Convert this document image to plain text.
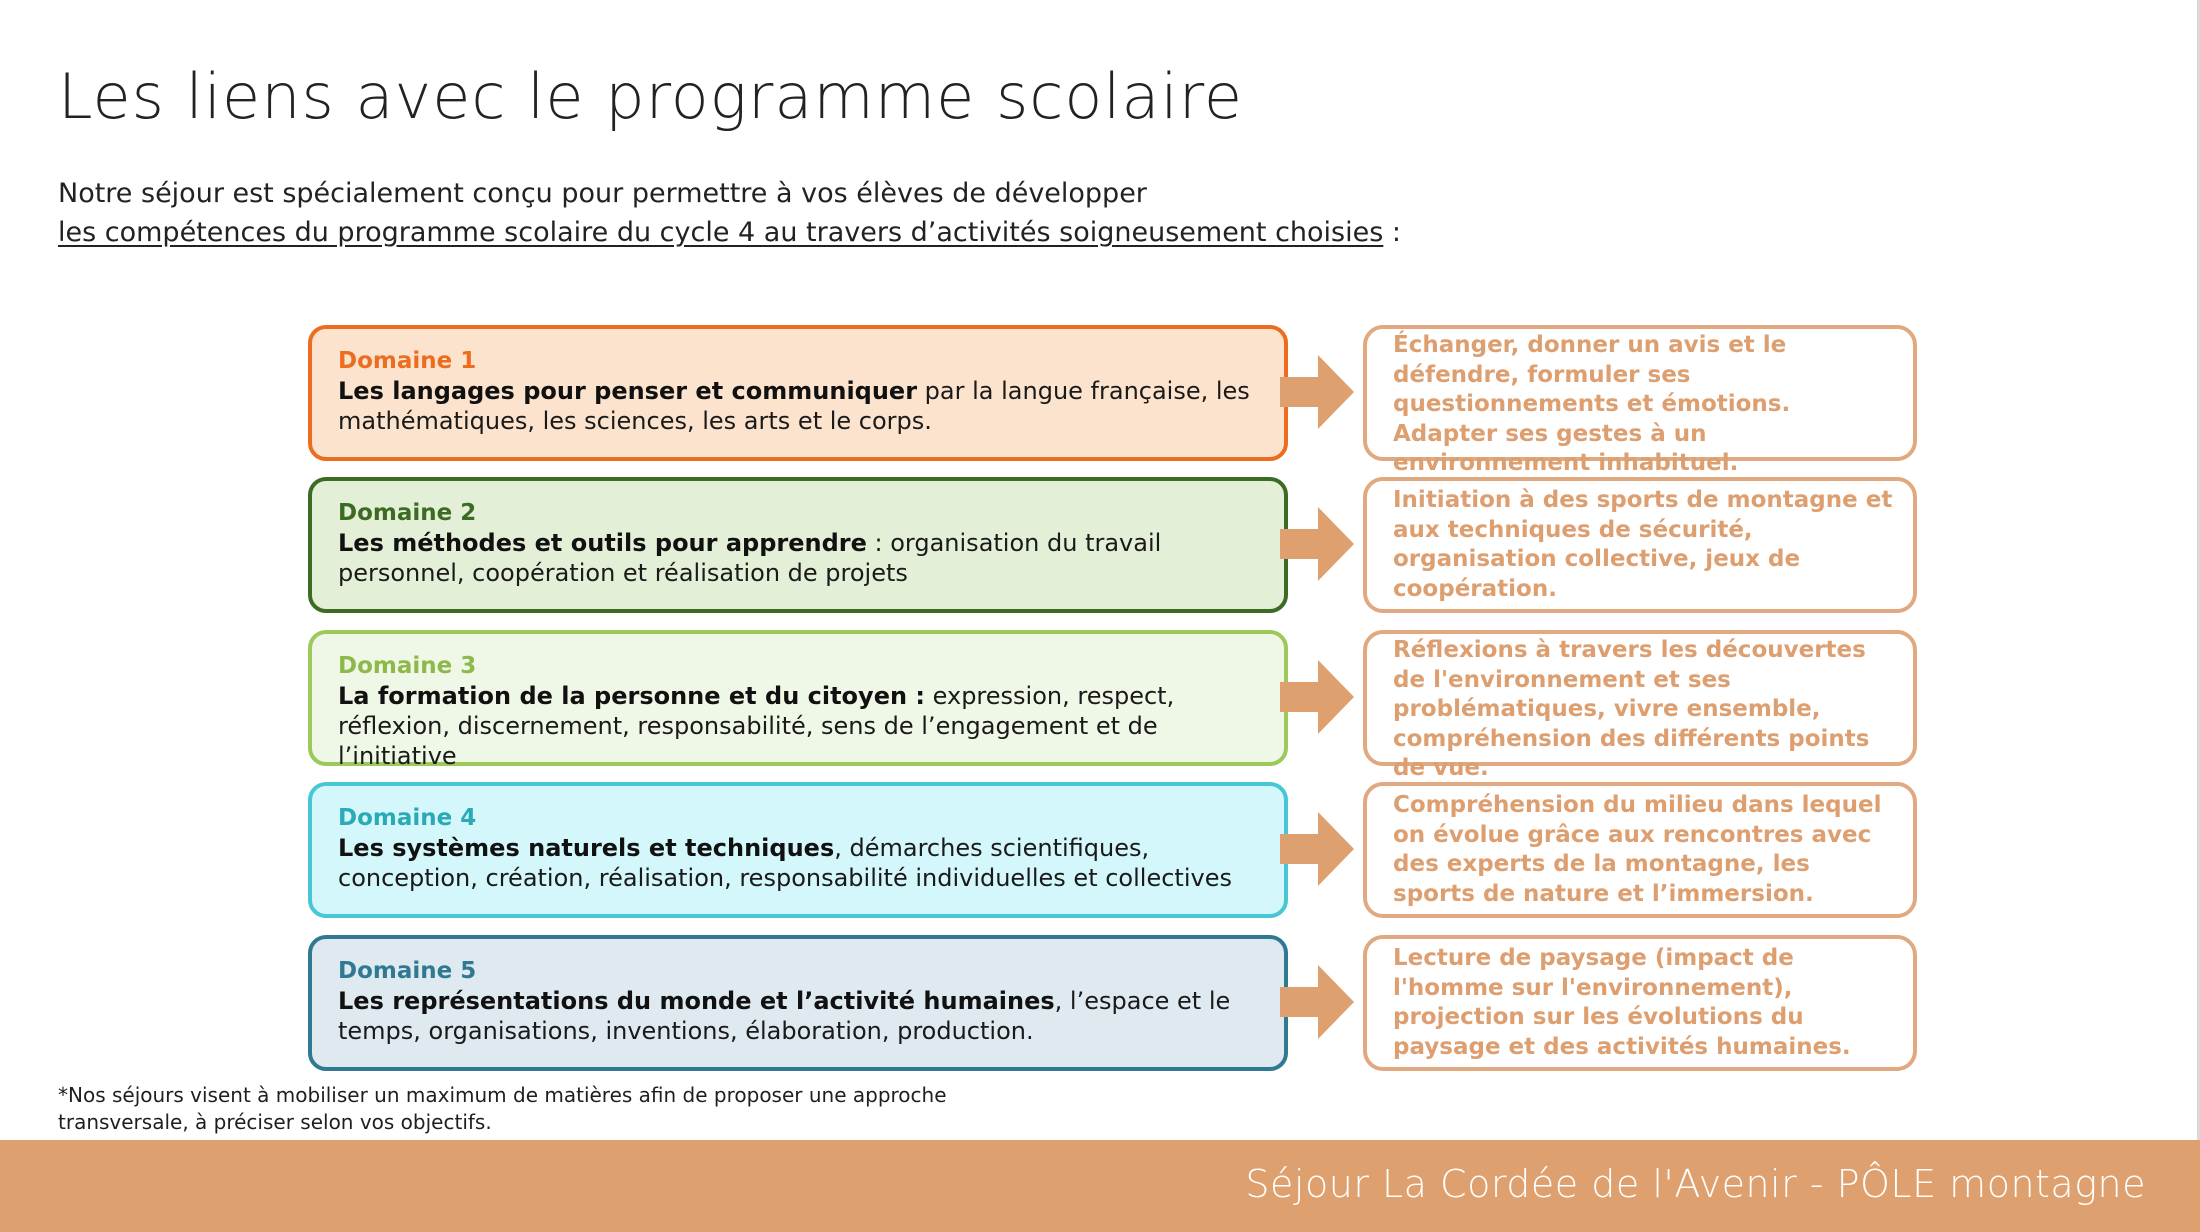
Les liens avec le programme scolaire
Notre séjour est spécialement conçu pour permettre à vos élèves de développer
les compétences du programme scolaire du cycle 4 au travers d’activités soigneusement choisies :
Domaine 1
Les langages pour penser et communiquer par la langue française, les mathématiques, les sciences, les arts et le corps.
Échanger, donner un avis et le défendre, formuler ses questionnements et émotions. Adapter ses gestes à un environnement inhabituel.
Domaine 2
Les méthodes et outils pour apprendre : organisation du travail personnel, coopération et réalisation de projets
Initiation à des sports de montagne et aux techniques de sécurité, organisation collective, jeux de coopération.
Domaine 3
La formation de la personne et du citoyen : expression, respect, réflexion, discernement, responsabilité, sens de l’engagement et de l’initiative
Réflexions à travers les découvertes de l'environnement et ses problématiques, vivre ensemble, compréhension des différents points de vue.
Domaine 4
Les systèmes naturels et techniques, démarches scientifiques, conception, création, réalisation, responsabilité individuelles et collectives
Compréhension du milieu dans lequel on évolue grâce aux rencontres avec des experts de la montagne, les sports de nature et l’immersion.
Domaine 5
Les représentations du monde et l’activité humaines, l’espace et le temps, organisations, inventions, élaboration, production.
Lecture de paysage (impact de l'homme sur l'environnement), projection sur les évolutions du paysage et des activités humaines.
*Nos séjours visent à mobiliser un maximum de matières afin de proposer une approche transversale, à préciser selon vos objectifs.
Séjour La Cordée de l'Avenir - PÔLE montagne
